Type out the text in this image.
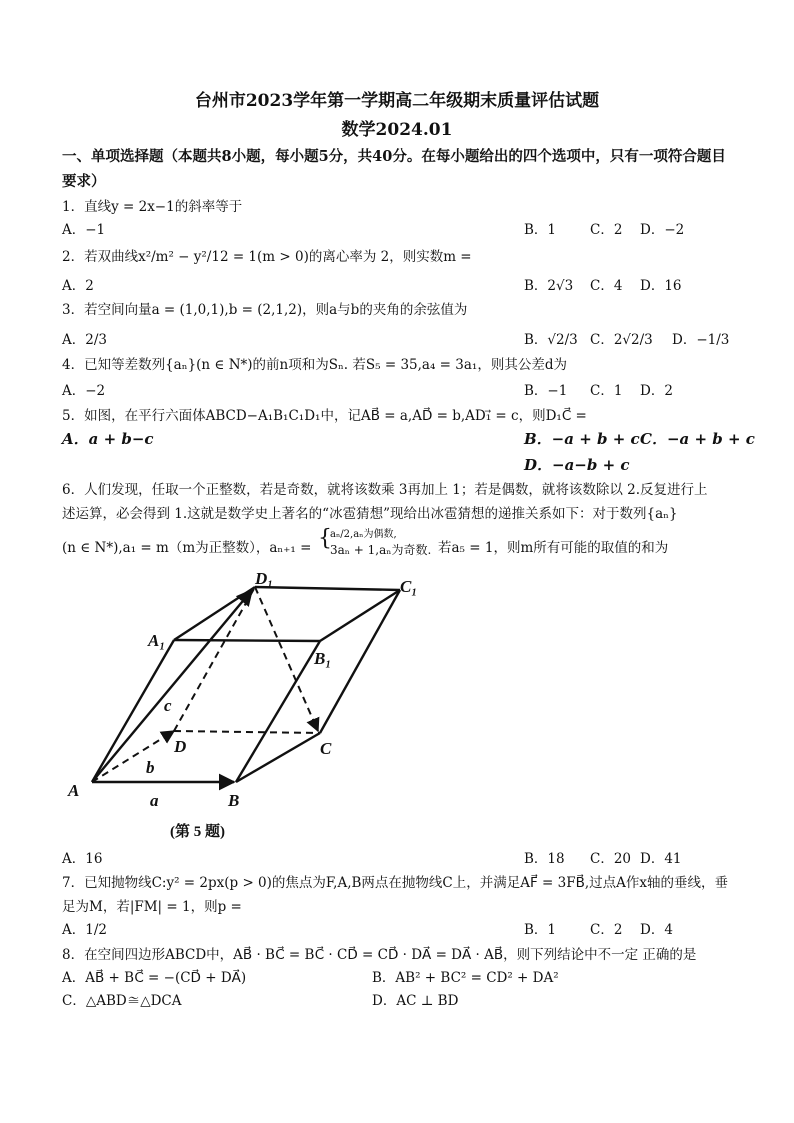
台州市2023学年第一学期高二年级期末质量评估试题
数学2024.01
一、单项选择题（本题共8小题，每小题5分，共40分。在每小题给出的四个选项中，只有一项符合题目要求）
1．直线y = 2x−1的斜率等于
A．−1	B．1	C．2 D．−2
2．若双曲线x²/m² − y²/12 = 1(m > 0)的离心率为 2，则实数m =
A．2	B．2√3 C．4 D．16
3．若空间向量a = (1,0,1),b = (2,1,2)，则a与b的夹角的余弦值为
A．2/3	B．√2/3 C．2√2/3 D．−1/3
4．已知等差数列{aₙ}(n ∈ N*)的前n项和为Sₙ. 若S₅ = 35,a₄ = 3a₁，则其公差d为
A．−2	B．−1 C．1 D．2
5．如图，在平行六面体ABCD−A₁B₁C₁D₁中，记AB⃗ = a,AD⃗ = b,AD₁⃗ = c，则D₁C⃗ =
A．a + b−c	B．−a + b + c C．−a + b + c
D．−a−b + c
6．人们发现，任取一个正整数，若是奇数，就将该数乘 3再加上 1；若是偶数，就将该数除以 2.反复进行上
述运算，必会得到 1.这就是数学史上著名的“冰雹猜想”现给出冰雹猜想的递推关系如下：对于数列{aₙ}
(n ∈ N*),a₁ = m（m为正整数），aₙ₊₁ = {
aₙ/2,aₙ为偶数,
3aₙ + 1,aₙ为奇数. 若a₅ = 1，则m所有可能的取值的和为
A
B
C
D
A₁
B₁
C₁
D₁
a
b
c
(第 5 题)
A．16	B．18 C．20 D．41
7．已知抛物线C:y² = 2px(p > 0)的焦点为F,A,B两点在抛物线C上，并满足AF⃗ = 3FB⃗,过点A作x轴的垂线，垂
足为M，若|FM| = 1，则p =
A．1/2	B．1	C．2 D．4
8．在空间四边形ABCD中，AB⃗ · BC⃗ = BC⃗ · CD⃗ = CD⃗ · DA⃗ = DA⃗ · AB⃗，则下列结论中不一定 正确的是
A．AB⃗ + BC⃗ = −(CD⃗ + DA⃗)	B．AB² + BC² = CD² + DA²
C．△ABD≅△DCA	D．AC ⊥ BD
